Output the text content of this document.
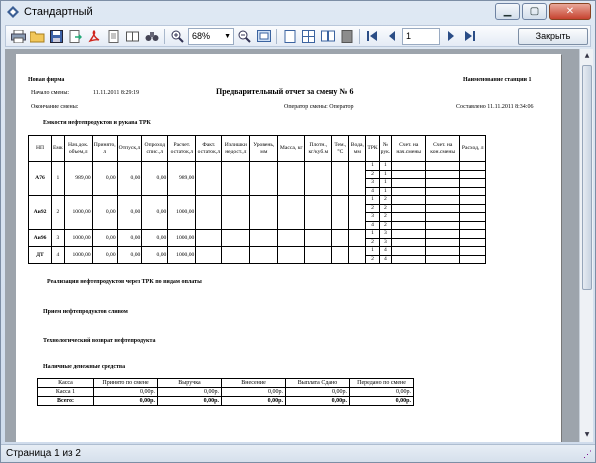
Стандартный	▁ ▢	✕
68% ▼	1	Закрыть
Новая фирма	Наименование станции 1
Начало смены:	11.11.2011 8:29:19	Предварительный отчет за смену № 6
Окончание смены:	Оператор смены: Оператор	Составлено 11.11.2011 8:34:06
Емкости нефтепродуктов и рукава ТРК
НП	Емк	Нач.док. объем,л	Принято, л	Отпуск,л	Опроход спис.,л	Расчет. остаток,л	Факт. остаток,л	Излишки недост.,л	Уровень, мм	Масса, кг	Плотн., кг/куб.м	Тем., °С	Вода, мм	ТРК	№ рук.	Счет. на нач.смены	Счет. на кон.смены	Расход, л
А76	1	989,00	0,00	0,00	0,00	989,00								1	1			
														2	1			
														3	1			
														4	1			
Аи92	2	1000,00	0,00	0,00	0,00	1000,00								1	2			
														2	2			
														3	2			
														4	2			
Аи96	3	1000,00	0,00	0,00	0,00	1000,00								1	3			
														2	3			
ДТ	4	1000,00	0,00	0,00	0,00	1000,00								1	4			
														2	4			
Реализация нефтепродуктов через ТРК по видам оплаты
Прием нефтепродуктов сливом
Технологический возврат нефтепродукта
Наличные денежные средства
Касса	Принято по смене	Выручка	Внесение	Выплата Сдано	Передано по смене
Касса 1	0,00р.	0,00р.	0,00р.	0,00р.	0,00р.
Всего:	0,00р.	0,00р.	0,00р.	0,00р.	0,00р.
▲
▼
Страница 1 из 2	⋰
